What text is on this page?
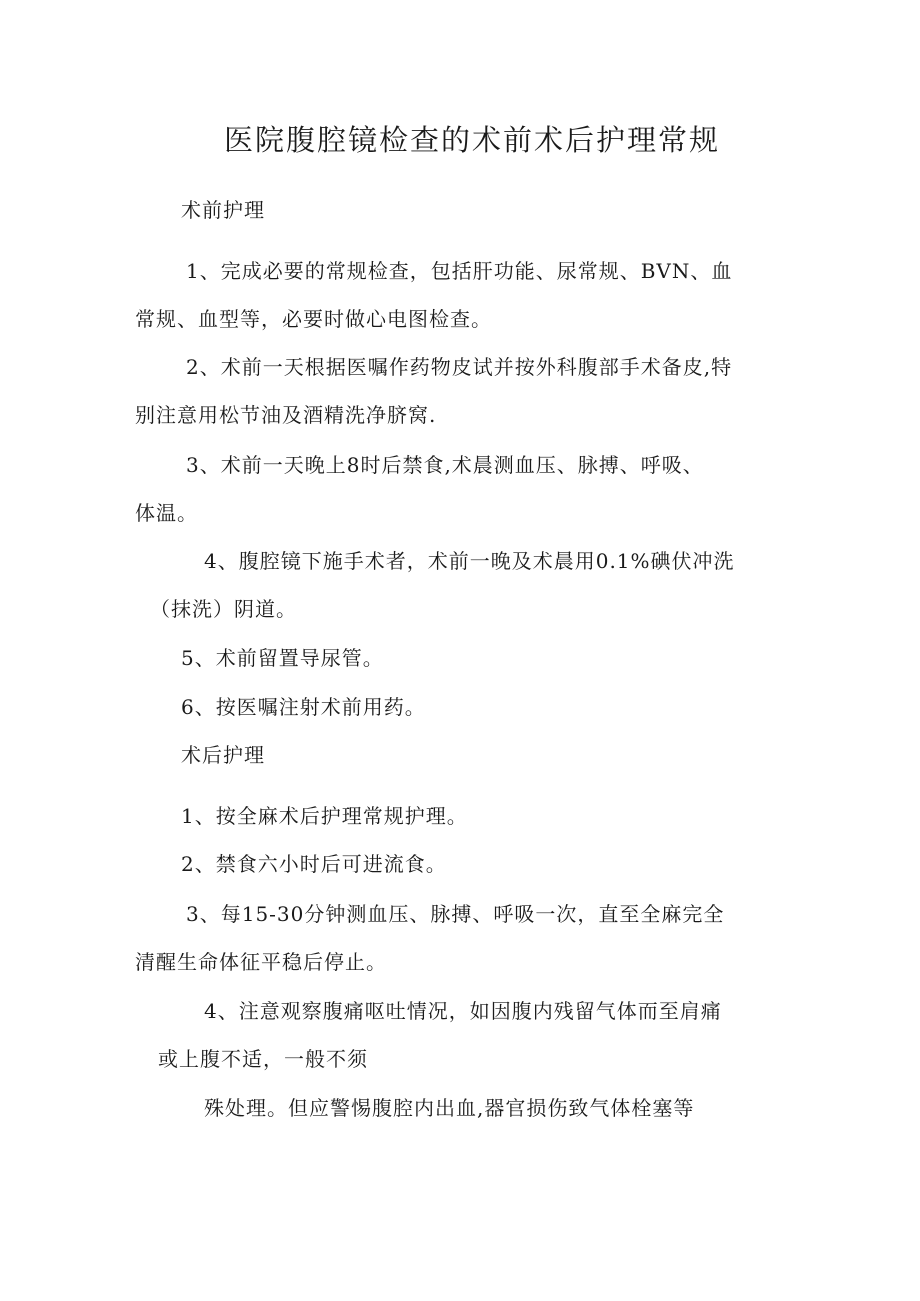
医院腹腔镜检查的术前术后护理常规
术前护理
1、完成必要的常规检查，包括肝功能、尿常规、BVN、血
常规、血型等，必要时做心电图检查。
2、术前一天根据医嘱作药物皮试并按外科腹部手术备皮,特
别注意用松节油及酒精洗净脐窝.
3、术前一天晚上8时后禁食,术晨测血压、脉搏、呼吸、
体温。
4、腹腔镜下施手术者，术前一晚及术晨用0.1%碘伏冲洗
（抹洗）阴道。
5、术前留置导尿管。
6、按医嘱注射术前用药。
术后护理
1、按全麻术后护理常规护理。
2、禁食六小时后可进流食。
3、每15-30分钟测血压、脉搏、呼吸一次，直至全麻完全
清醒生命体征平稳后停止。
4、注意观察腹痛呕吐情况，如因腹内残留气体而至肩痛
或上腹不适，一般不须
殊处理。但应警惕腹腔内出血,器官损伤致气体栓塞等
